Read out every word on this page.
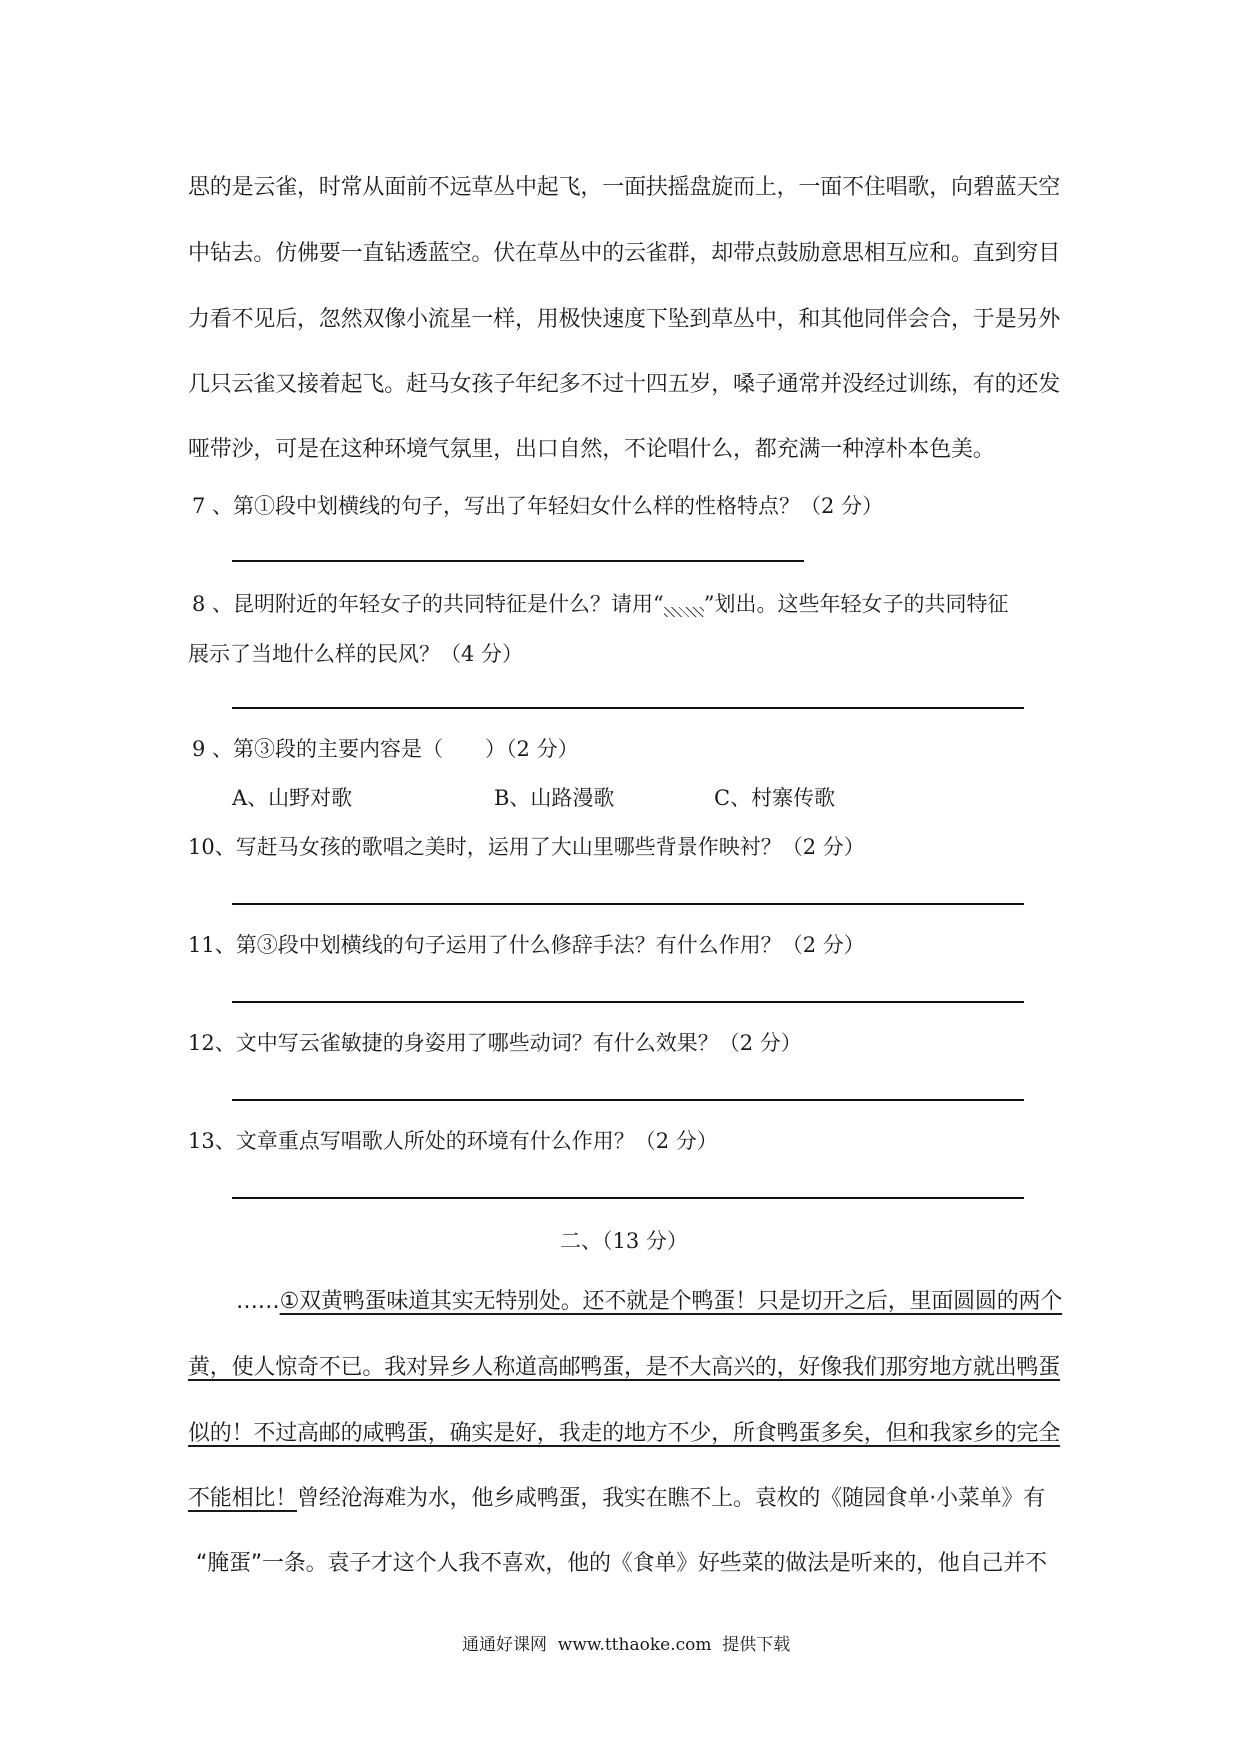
思的是云雀，时常从面前不远草丛中起飞，一面扶摇盘旋而上，一面不住唱歌，向碧蓝天空
中钻去。仿佛要一直钻透蓝空。伏在草丛中的云雀群，却带点鼓励意思相互应和。直到穷目
力看不见后，忽然双像小流星一样，用极快速度下坠到草丛中，和其他同伴会合，于是另外
几只云雀又接着起飞。赶马女孩子年纪多不过十四五岁，嗓子通常并没经过训练，有的还发
哑带沙，可是在这种环境气氛里，出口自然，不论唱什么，都充满一种淳朴本色美。
7 、第①段中划横线的句子，写出了年轻妇女什么样的性格特点？（2 分）
8 、昆明附近的年轻女子的共同特征是什么？请用“ ”划出。这些年轻女子的共同特征
展示了当地什么样的民风？（4 分）
9 、第③段的主要内容是（　　）（2 分）
A、山野对歌	B、山路漫歌	C、村寨传歌
10、写赶马女孩的歌唱之美时，运用了大山里哪些背景作映衬？（2 分）
11、第③段中划横线的句子运用了什么修辞手法？有什么作用？（2 分）
12、文中写云雀敏捷的身姿用了哪些动词？有什么效果？（2 分）
13、文章重点写唱歌人所处的环境有什么作用？（2 分）
二、（13 分）
……①双黄鸭蛋味道其实无特别处。还不就是个鸭蛋！只是切开之后，里面圆圆的两个
黄，使人惊奇不已。我对异乡人称道高邮鸭蛋，是不大高兴的，好像我们那穷地方就出鸭蛋
似的！不过高邮的咸鸭蛋，确实是好，我走的地方不少，所食鸭蛋多矣，但和我家乡的完全
不能相比！曾经沧海难为水，他乡咸鸭蛋，我实在瞧不上。袁枚的《随园食单·小菜单》有
“腌蛋”一条。袁子才这个人我不喜欢，他的《食单》好些菜的做法是听来的，他自己并不
通通好课网  www.tthaoke.com  提供下载
